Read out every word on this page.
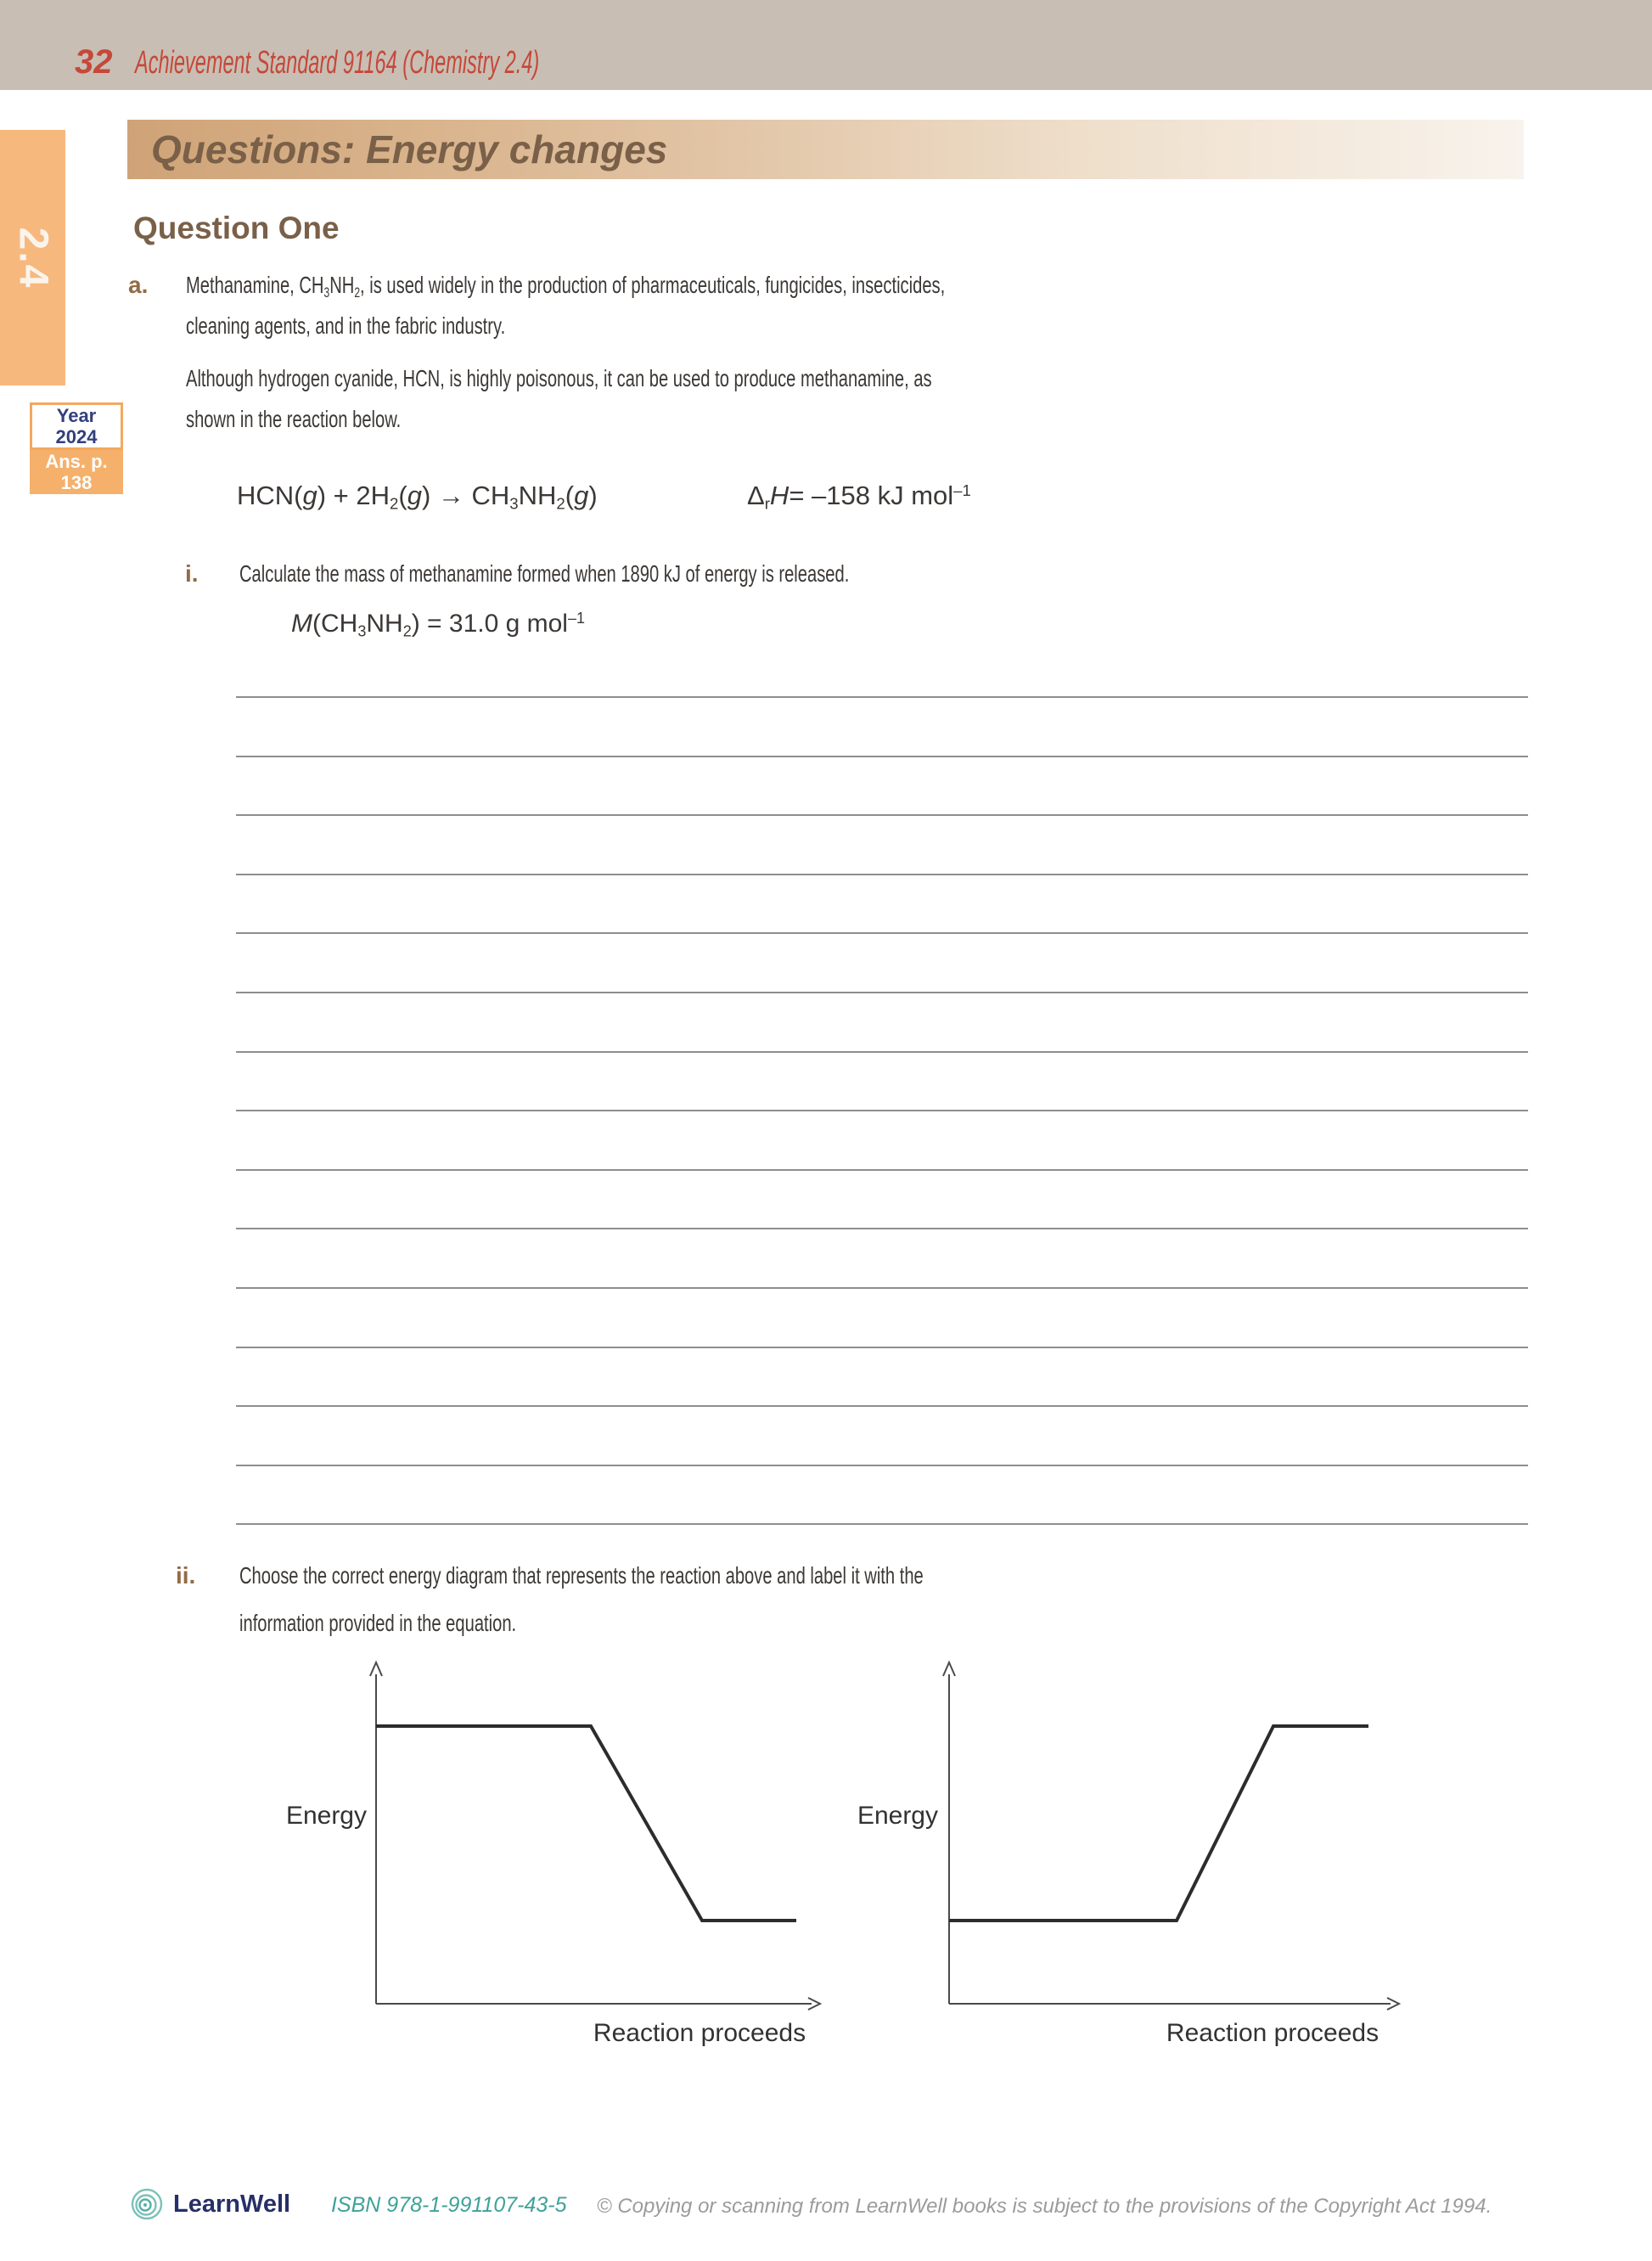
32 Achievement Standard 91164 (Chemistry 2.4)
2.4
Year 2024
Ans. p. 138
Questions: Energy changes
Question One
a. Methanamine, $CH_3NH_2$, is used widely in the production of pharmaceuticals, fungicides, insecticides,
cleaning agents, and in the fabric industry.
Although hydrogen cyanide, HCN, is highly poisonous, it can be used to produce methanamine, as
shown in the reaction below.
$HCN(g) + 2H_2(g) \to CH_3NH_2(g)$	$\Delta_rH= -158$ kJ mol$^{-1}$
i. Calculate the mass of methanamine formed when 1890 kJ of energy is released.
$M(CH_3NH_2) = 31.0$ g mol$^{-1}$
ii. Choose the correct energy diagram that represents the reaction above and label it with the
information provided in the equation.
Energy
Reaction proceeds
Energy
Reaction proceeds
LearnWell ISBN 978-1-991107-43-5 © Copying or scanning from LearnWell books is subject to the provisions of the Copyright Act 1994.
